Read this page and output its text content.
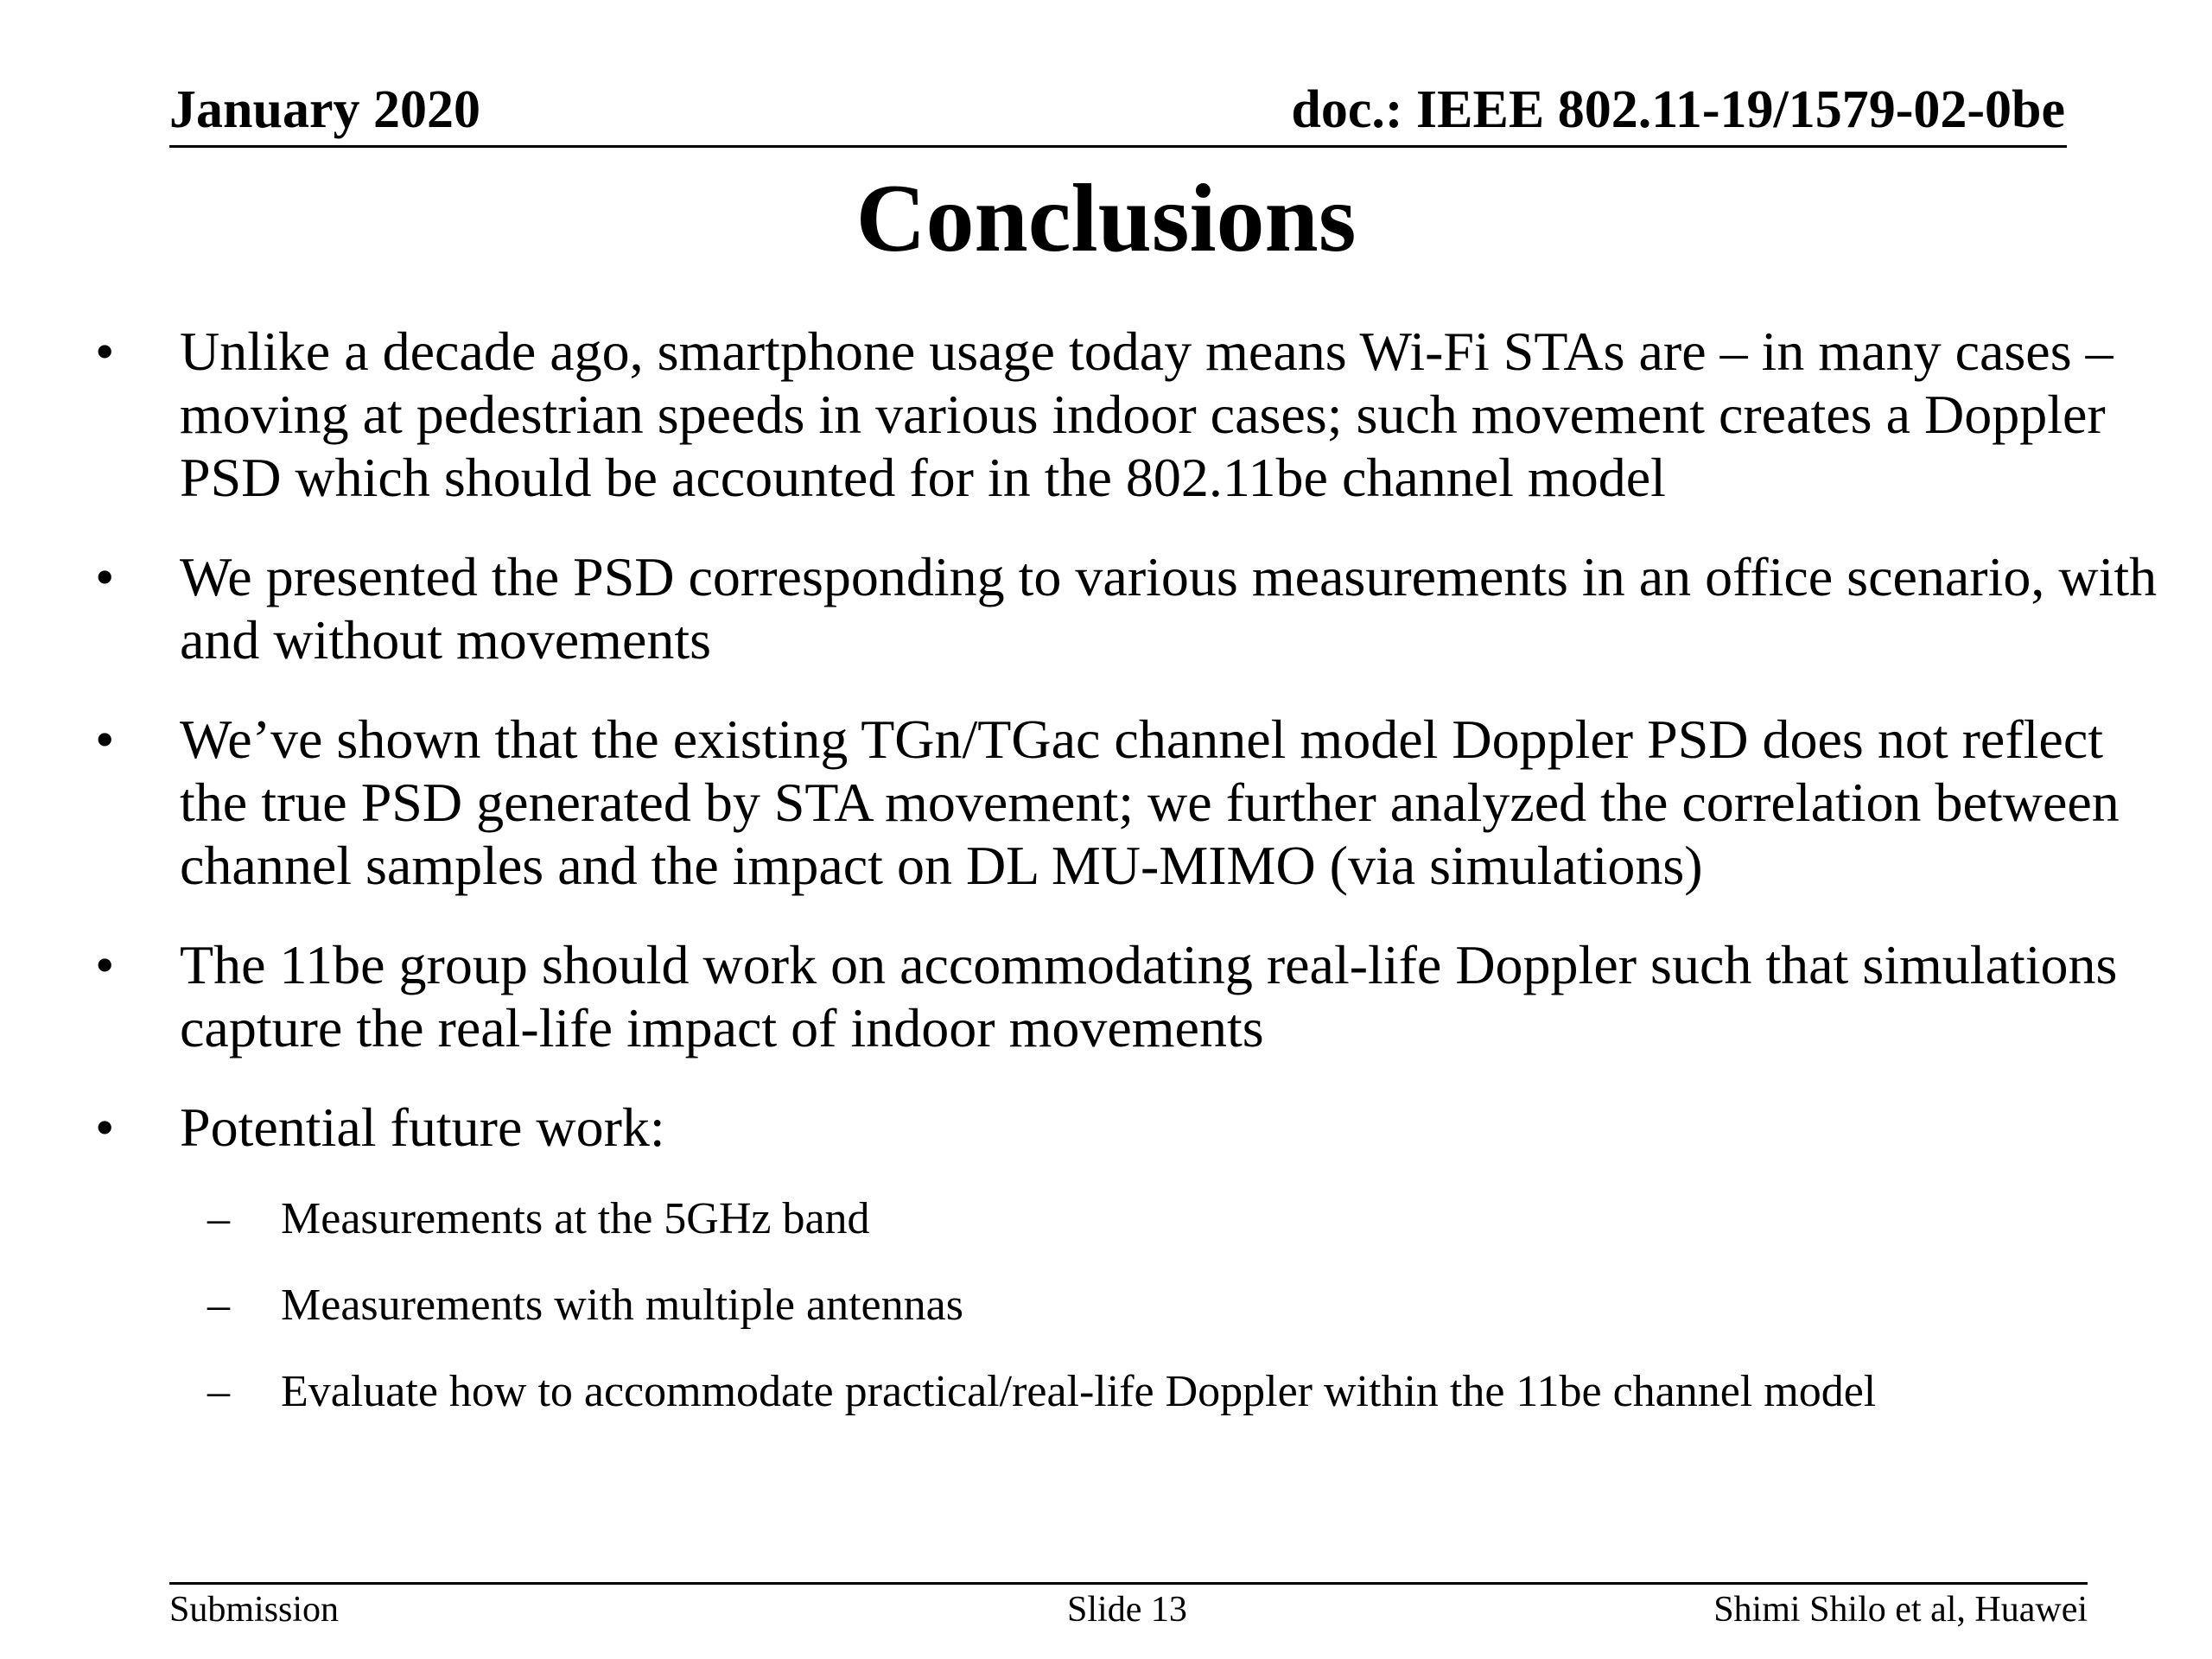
January 2020	doc.: IEEE 802.11-19/1579-02-0be
Conclusions
• Unlike a decade ago, smartphone usage today means Wi-Fi STAs are – in many cases – moving at pedestrian speeds in various indoor cases; such movement creates a Doppler PSD which should be accounted for in the 802.11be channel model
• We presented the PSD corresponding to various measurements in an office scenario, with and without movements
• We’ve shown that the existing TGn/TGac channel model Doppler PSD does not reflect the true PSD generated by STA movement; we further analyzed the correlation between channel samples and the impact on DL MU-MIMO (via simulations)
• The 11be group should work on accommodating real-life Doppler such that simulations capture the real-life impact of indoor movements
• Potential future work:
– Measurements at the 5GHz band
– Measurements with multiple antennas
– Evaluate how to accommodate practical/real-life Doppler within the 11be channel model
Submission	Slide 13	Shimi Shilo et al, Huawei
